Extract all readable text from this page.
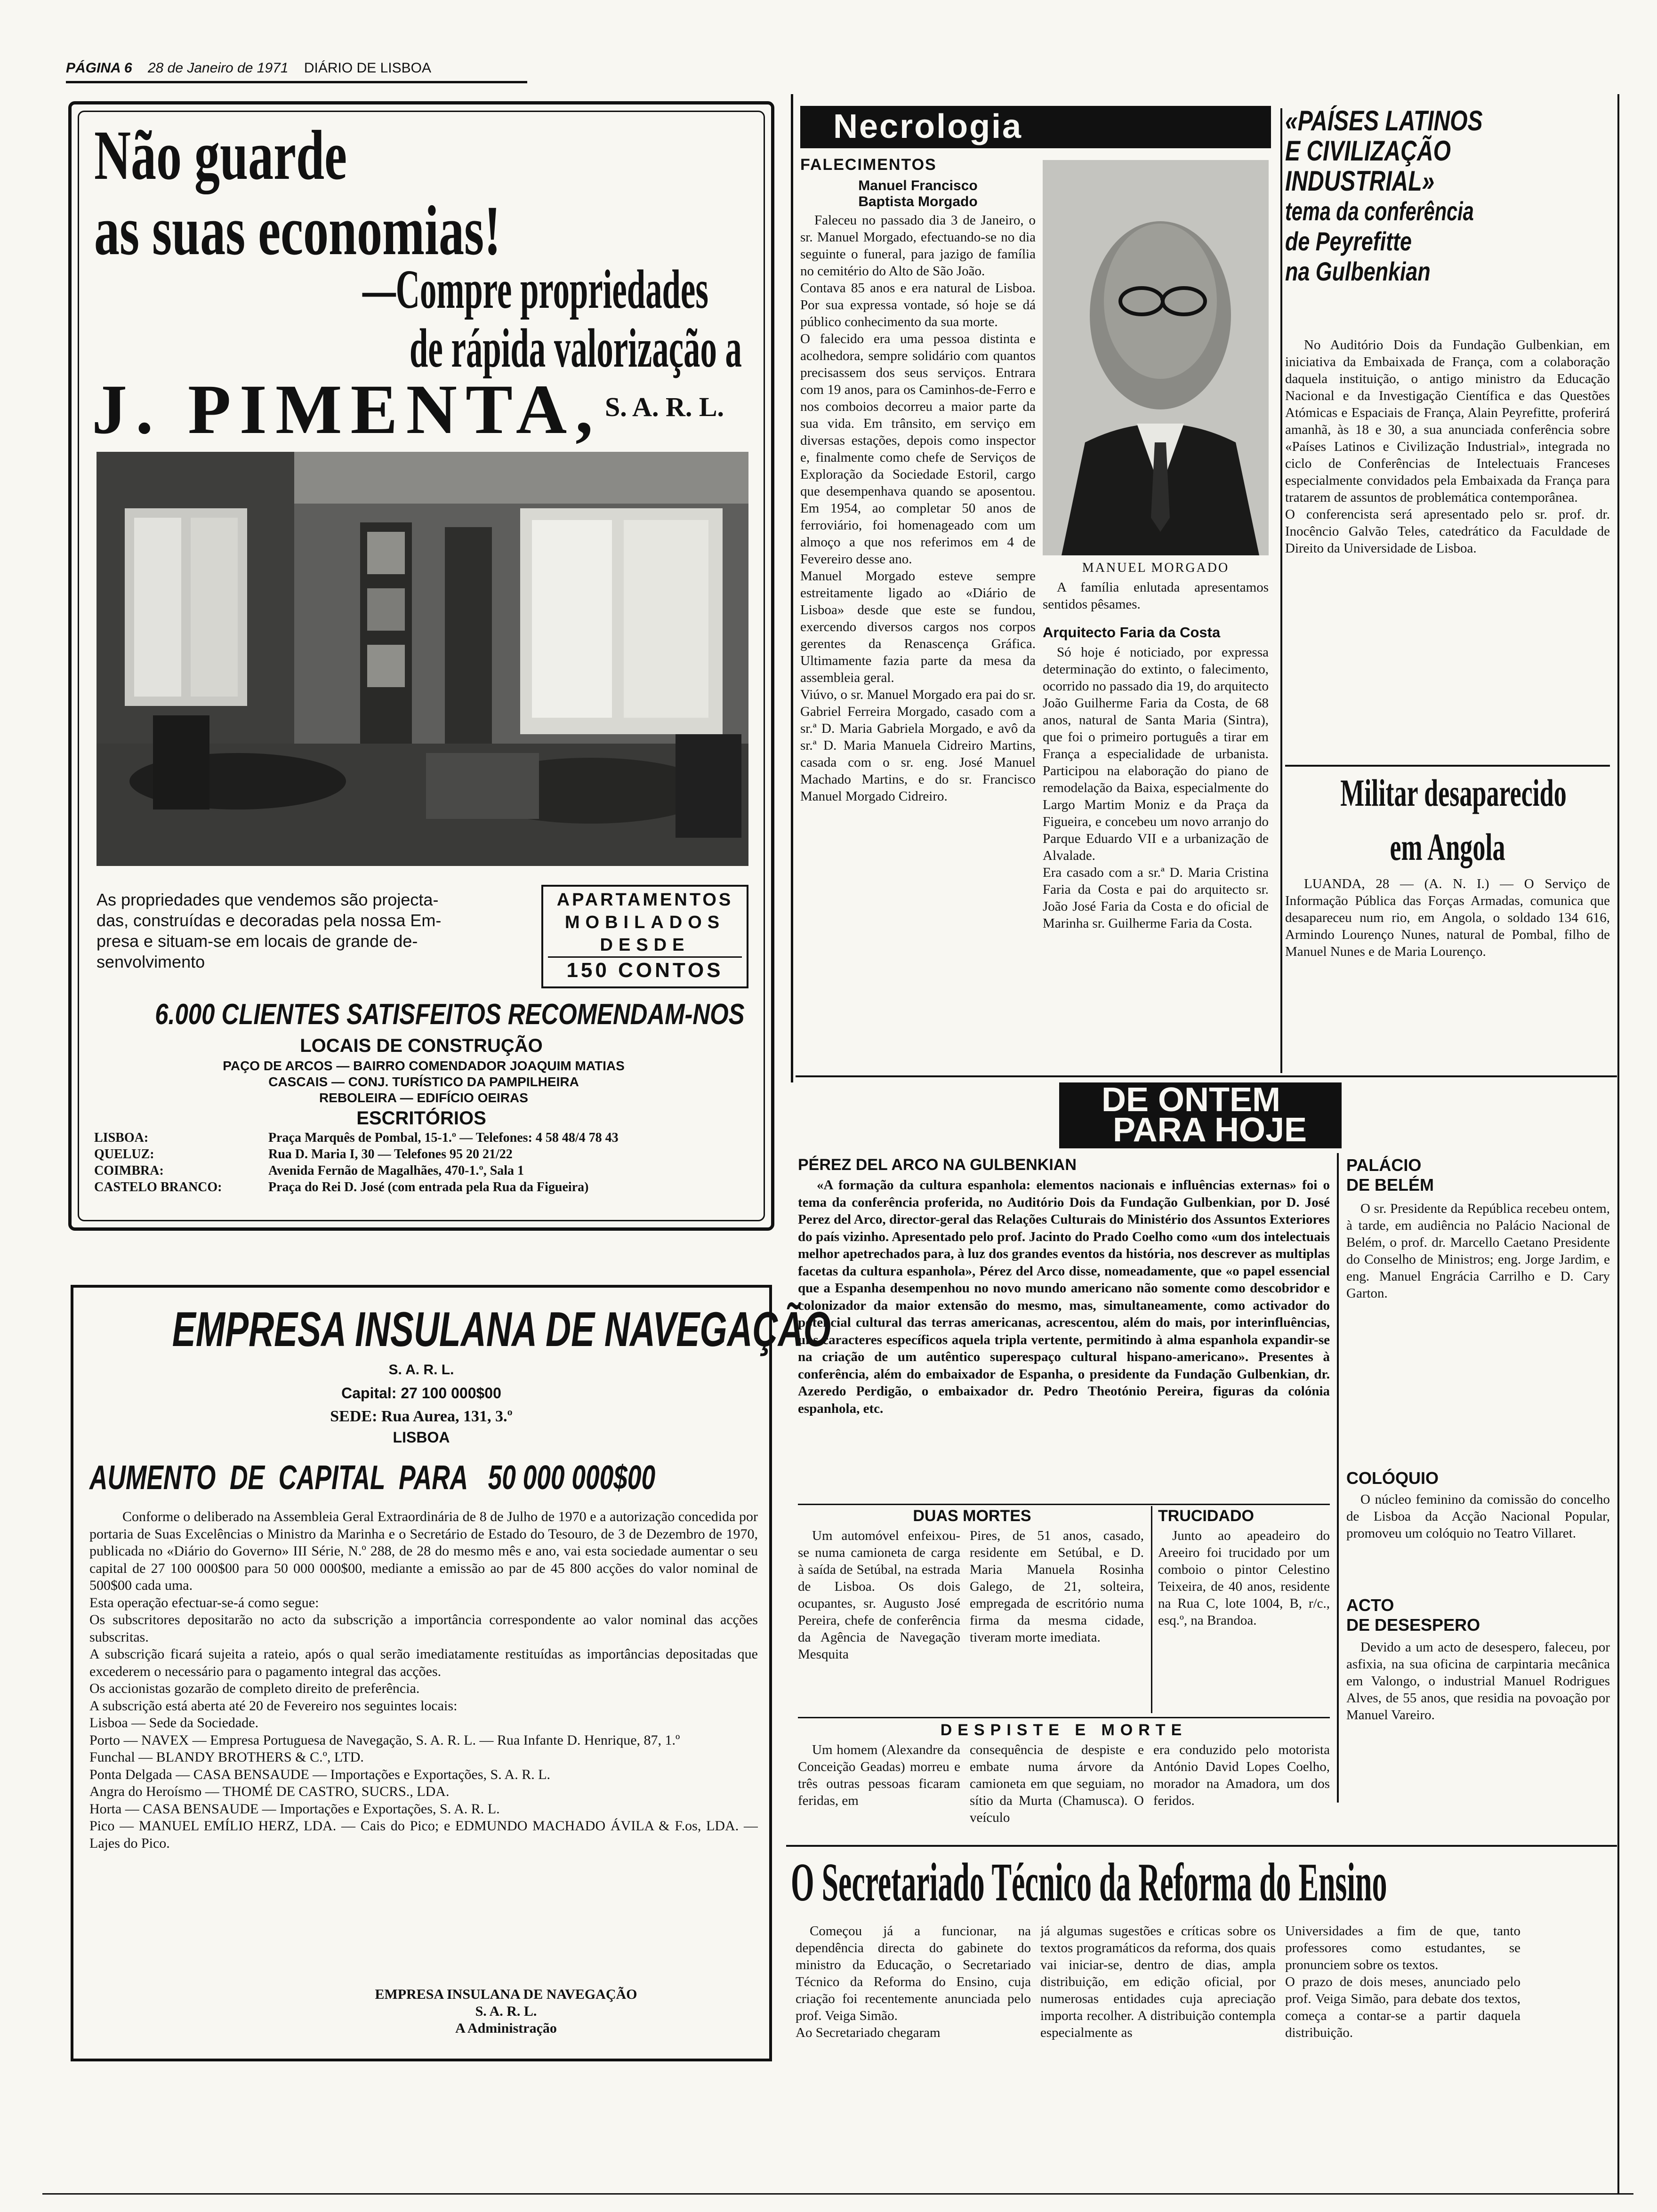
PÁGINA 6 28 de Janeiro de 1971 DIÁRIO DE LISBOA
Não guarde
as suas economias!
—Compre propriedades
de rápida valorização a
J. PIMENTA, S. A. R. L.
As propriedades que vendemos são projecta-
das, construídas e decoradas pela nossa Em-
presa e situam-se em locais de grande de-
senvolvimento
APARTAMENTOS
MOBILADOS
DESDE
150 CONTOS
6.000 CLIENTES SATISFEITOS RECOMENDAM-NOS
LOCAIS DE CONSTRUÇÃO
PAÇO DE ARCOS — BAIRRO COMENDADOR JOAQUIM MATIAS
CASCAIS — CONJ. TURÍSTICO DA PAMPILHEIRA
REBOLEIRA — EDIFÍCIO OEIRAS
ESCRITÓRIOS
LISBOA:	Praça Marquês de Pombal, 15-1.º — Telefones: 4 58 48/4 78 43
QUELUZ:	Rua D. Maria I, 30 — Telefones 95 20 21/22
COIMBRA:	Avenida Fernão de Magalhães, 470-1.º, Sala 1
CASTELO BRANCO:	Praça do Rei D. José (com entrada pela Rua da Figueira)
EMPRESA INSULANA DE NAVEGAÇÃO
S. A. R. L.
Capital: 27 100 000$00
SEDE: Rua Aurea, 131, 3.º
LISBOA
AUMENTO  DE  CAPITAL  PARA   50 000 000$00
Conforme o deliberado na Assembleia Geral Extraordinária de 8 de Julho de 1970 e a autorização concedida por portaria de Suas Excelências o Ministro da Marinha e o Secretário de Estado do Tesouro, de 3 de Dezembro de 1970, publicada no «Diário do Governo» III Série, N.º 288, de 28 do mesmo mês e ano, vai esta sociedade aumentar o seu capital de 27 100 000$00 para 50 000 000$00, mediante a emissão ao par de 45 800 acções do valor nominal de 500$00 cada uma.
Esta operação efectuar-se-á como segue:
Os subscritores depositarão no acto da subscrição a importância correspondente ao valor nominal das acções subscritas.
A subscrição ficará sujeita a rateio, após o qual serão imediatamente restituídas as importâncias depositadas que excederem o necessário para o pagamento integral das acções.
Os accionistas gozarão de completo direito de preferência.
A subscrição está aberta até 20 de Fevereiro nos seguintes locais:
Lisboa — Sede da Sociedade.
Porto — NAVEX — Empresa Portuguesa de Navegação, S. A. R. L. — Rua Infante D. Henrique, 87, 1.º
Funchal — BLANDY BROTHERS & C.º, LTD.
Ponta Delgada — CASA BENSAUDE — Importações e Exportações, S. A. R. L.
Angra do Heroísmo — THOMÉ DE CASTRO, SUCRS., LDA.
Horta — CASA BENSAUDE — Importações e Exportações, S. A. R. L.
Pico — MANUEL EMÍLIO HERZ, LDA. — Cais do Pico; e EDMUNDO MACHADO ÁVILA & F.os, LDA. — Lajes do Pico.
EMPRESA INSULANA DE NAVEGAÇÃO
S. A. R. L.
A Administração
Necrologia
FALECIMENTOS
Manuel Francisco
Baptista Morgado
Faleceu no passado dia 3 de Janeiro, o sr. Manuel Morgado, efectuando-se no dia seguinte o funeral, para jazigo de família no cemitério do Alto de São João.
Contava 85 anos e era natural de Lisboa. Por sua expressa vontade, só hoje se dá público conhecimento da sua morte.
O falecido era uma pessoa distinta e acolhedora, sempre solidário com quantos precisassem dos seus serviços. Entrara com 19 anos, para os Caminhos-de-Ferro e nos comboios decorreu a maior parte da sua vida. Em trânsito, em serviço em diversas estações, depois como inspector e, finalmente como chefe de Serviços de Exploração da Sociedade Estoril, cargo que desempenhava quando se aposentou. Em 1954, ao completar 50 anos de ferroviário, foi homenageado com um almoço a que nos referimos em 4 de Fevereiro desse ano.
Manuel Morgado esteve sempre estreitamente ligado ao «Diário de Lisboa» desde que este se fundou, exercendo diversos cargos nos corpos gerentes da Renascença Gráfica. Ultimamente fazia parte da mesa da assembleia geral.
Viúvo, o sr. Manuel Morgado era pai do sr. Gabriel Ferreira Morgado, casado com a sr.ª D. Maria Gabriela Morgado, e avô da sr.ª D. Maria Manuela Cidreiro Martins, casada com o sr. eng. José Manuel Machado Martins, e do sr. Francisco Manuel Morgado Cidreiro.
MANUEL MORGADO
A família enlutada apresentamos sentidos pêsames.
Arquitecto Faria da Costa
Só hoje é noticiado, por expressa determinação do extinto, o falecimento, ocorrido no passado dia 19, do arquitecto João Guilherme Faria da Costa, de 68 anos, natural de Santa Maria (Sintra), que foi o primeiro português a tirar em França a especialidade de urbanista. Participou na elaboração do piano de remodelação da Baixa, especialmente do Largo Martim Moniz e da Praça da Figueira, e concebeu um novo arranjo do Parque Eduardo VII e a urbanização de Alvalade.
Era casado com a sr.ª D. Maria Cristina Faria da Costa e pai do arquitecto sr. João José Faria da Costa e do oficial de Marinha sr. Guilherme Faria da Costa.
«PAÍSES LATINOS
E CIVILIZAÇÃO
INDUSTRIAL»
tema da conferência
de Peyrefitte
na Gulbenkian
No Auditório Dois da Fundação Gulbenkian, em iniciativa da Embaixada de França, com a colaboração daquela instituição, o antigo ministro da Educação Nacional e da Investigação Científica e das Questões Atómicas e Espaciais de França, Alain Peyrefitte, proferirá amanhã, às 18 e 30, a sua anunciada conferência sobre «Países Latinos e Civilização Industrial», integrada no ciclo de Conferências de Intelectuais Franceses especialmente convidados pela Embaixada da França para tratarem de assuntos de problemática contemporânea.
O conferencista será apresentado pelo sr. prof. dr. Inocêncio Galvão Teles, catedrático da Faculdade de Direito da Universidade de Lisboa.
Militar desaparecido
em Angola
LUANDA, 28 — (A. N. I.) — O Serviço de Informação Pública das Forças Armadas, comunica que desapareceu num rio, em Angola, o soldado 134 616, Armindo Lourenço Nunes, natural de Pombal, filho de Manuel Nunes e de Maria Lourenço.
DE ONTEM
PARA HOJE
PÉREZ DEL ARCO NA GULBENKIAN
«A formação da cultura espanhola: elementos nacionais e influências externas» foi o tema da conferência proferida, no Auditório Dois da Fundação Gulbenkian, por D. José Perez del Arco, director-geral das Relações Culturais do Ministério dos Assuntos Exteriores do país vizinho. Apresentado pelo prof. Jacinto do Prado Coelho como «um dos intelectuais melhor apetrechados para, à luz dos grandes eventos da história, nos descrever as multiplas facetas da cultura espanhola», Pérez del Arco disse, nomeadamente, que «o papel essencial que a Espanha desempenhou no novo mundo americano não somente como descobridor e colonizador da maior extensão do mesmo, mas, simultaneamente, como activador do potencial cultural das terras americanas, acrescentou, além do mais, por interinfluências, uns caracteres específicos aquela tripla vertente, permitindo à alma espanhola expandir-se na criação de um autêntico superespaço cultural hispano-americano». Presentes à conferência, além do embaixador de Espanha, o presidente da Fundação Gulbenkian, dr. Azeredo Perdigão, o embaixador dr. Pedro Theotónio Pereira, figuras da colónia espanhola, etc.
DUAS MORTES
Um automóvel enfeixou-se numa camioneta de carga à saída de Setúbal, na estrada de Lisboa. Os dois ocupantes, sr. Augusto José Pereira, chefe de conferência da Agência de Navegação Mesquita
Pires, de 51 anos, casado, residente em Setúbal, e D. Maria Manuela Rosinha Galego, de 21, solteira, empregada de escritório numa firma da mesma cidade, tiveram morte imediata.
TRUCIDADO
Junto ao apeadeiro do Areeiro foi trucidado por um comboio o pintor Celestino Teixeira, de 40 anos, residente na Rua C, lote 1004, B, r/c., esq.º, na Brandoa.
DESPISTE E MORTE
Um homem (Alexandre da Conceição Geadas) morreu e três outras pessoas ficaram feridas, em
consequência de despiste e embate numa árvore da camioneta em que seguiam, no sítio da Murta (Chamusca). O veículo
era conduzido pelo motorista António David Lopes Coelho, morador na Amadora, um dos feridos.
PALÁCIO
DE BELÉM
O sr. Presidente da República recebeu ontem, à tarde, em audiência no Palácio Nacional de Belém, o prof. dr. Marcello Caetano Presidente do Conselho de Ministros; eng. Jorge Jardim, e eng. Manuel Engrácia Carrilho e D. Cary Garton.
COLÓQUIO
O núcleo feminino da comissão do concelho de Lisboa da Acção Nacional Popular, promoveu um colóquio no Teatro Villaret.
ACTO
DE DESESPERO
Devido a um acto de desespero, faleceu, por asfixia, na sua oficina de carpintaria mecânica em Valongo, o industrial Manuel Rodrigues Alves, de 55 anos, que residia na povoação por Manuel Vareiro.
O Secretariado Técnico da Reforma do Ensino
Começou já a funcionar, na dependência directa do gabinete do ministro da Educação, o Secretariado Técnico da Reforma do Ensino, cuja criação foi recentemente anunciada pelo prof. Veiga Simão.
Ao Secretariado chegaram
já algumas sugestões e críticas sobre os textos programáticos da reforma, dos quais vai iniciar-se, dentro de dias, ampla distribuição, em edição oficial, por numerosas entidades cuja apreciação importa recolher. A distribuição contempla especialmente as
Universidades a fim de que, tanto professores como estudantes, se pronunciem sobre os textos.
O prazo de dois meses, anunciado pelo prof. Veiga Simão, para debate dos textos, começa a contar-se a partir daquela distribuição.
